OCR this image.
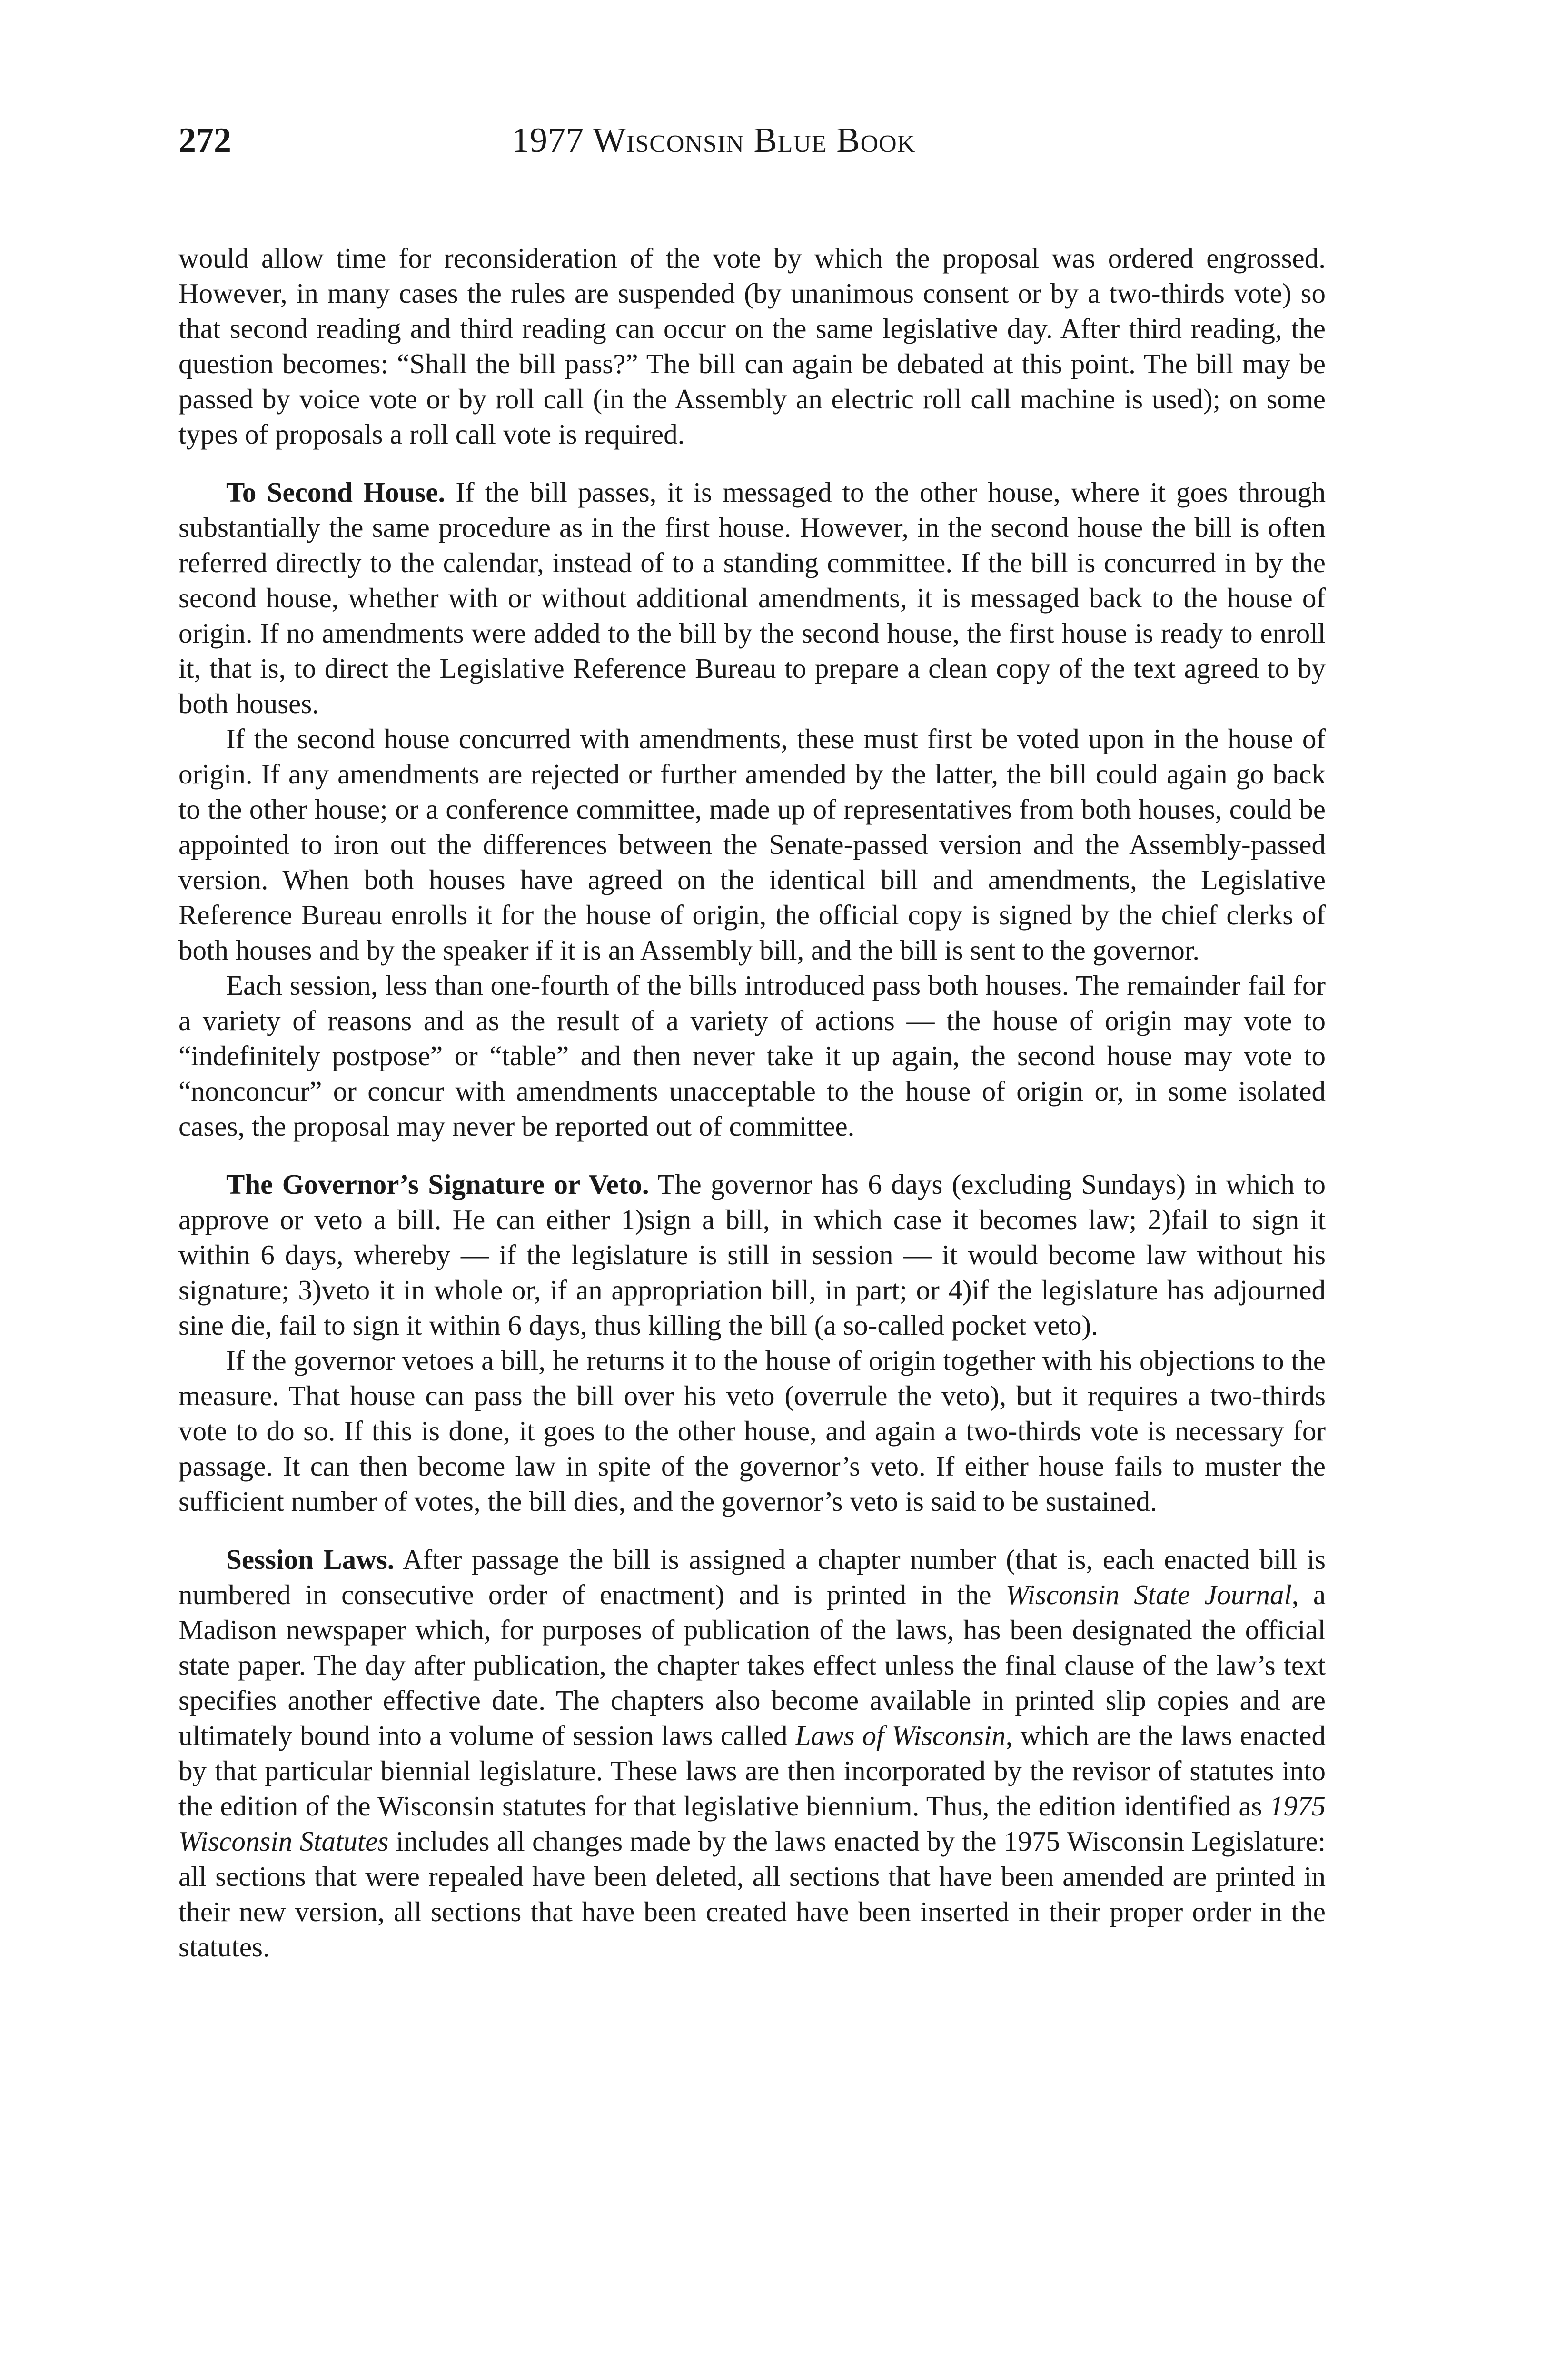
272	1977 Wisconsin Blue Book

would allow time for reconsideration of the vote by which the proposal was ordered engrossed. However, in many cases the rules are suspended (by unanimous consent or by a two-thirds vote) so that second reading and third reading can occur on the same legislative day. After third reading, the question becomes: “Shall the bill pass?” The bill can again be debated at this point. The bill may be passed by voice vote or by roll call (in the Assembly an electric roll call machine is used); on some types of proposals a roll call vote is required.

To Second House. If the bill passes, it is messaged to the other house, where it goes through substantially the same procedure as in the first house. However, in the second house the bill is often referred directly to the calendar, instead of to a standing committee. If the bill is concurred in by the second house, whether with or without additional amendments, it is messaged back to the house of origin. If no amendments were added to the bill by the second house, the first house is ready to enroll it, that is, to direct the Legislative Reference Bureau to prepare a clean copy of the text agreed to by both houses.

If the second house concurred with amendments, these must first be voted upon in the house of origin. If any amendments are rejected or further amended by the latter, the bill could again go back to the other house; or a conference committee, made up of representatives from both houses, could be appointed to iron out the differences between the Senate-passed version and the Assembly-passed version. When both houses have agreed on the identical bill and amendments, the Legislative Reference Bureau enrolls it for the house of origin, the official copy is signed by the chief clerks of both houses and by the speaker if it is an Assembly bill, and the bill is sent to the governor.

Each session, less than one-fourth of the bills introduced pass both houses. The remainder fail for a variety of reasons and as the result of a variety of actions — the house of origin may vote to “indefinitely postpose” or “table” and then never take it up again, the second house may vote to “nonconcur” or concur with amendments unacceptable to the house of origin or, in some isolated cases, the proposal may never be reported out of committee.

The Governor’s Signature or Veto. The governor has 6 days (excluding Sundays) in which to approve or veto a bill. He can either 1)sign a bill, in which case it becomes law; 2)fail to sign it within 6 days, whereby — if the legislature is still in session — it would become law without his signature; 3)veto it in whole or, if an appropriation bill, in part; or 4)if the legislature has adjourned sine die, fail to sign it within 6 days, thus killing the bill (a so-called pocket veto).

If the governor vetoes a bill, he returns it to the house of origin together with his objections to the measure. That house can pass the bill over his veto (overrule the veto), but it requires a two-thirds vote to do so. If this is done, it goes to the other house, and again a two-thirds vote is necessary for passage. It can then become law in spite of the governor’s veto. If either house fails to muster the sufficient number of votes, the bill dies, and the governor’s veto is said to be sustained.

Session Laws. After passage the bill is assigned a chapter number (that is, each enacted bill is numbered in consecutive order of enactment) and is printed in the Wisconsin State Journal, a Madison newspaper which, for purposes of publication of the laws, has been designated the official state paper. The day after publication, the chapter takes effect unless the final clause of the law’s text specifies another effective date. The chapters also become available in printed slip copies and are ultimately bound into a volume of session laws called Laws of Wisconsin, which are the laws enacted by that particular biennial legislature. These laws are then incorporated by the revisor of statutes into the edition of the Wisconsin statutes for that legislative biennium. Thus, the edition identified as 1975 Wisconsin Statutes includes all changes made by the laws enacted by the 1975 Wisconsin Legislature: all sections that were repealed have been deleted, all sections that have been amended are printed in their new version, all sections that have been created have been inserted in their proper order in the statutes.
